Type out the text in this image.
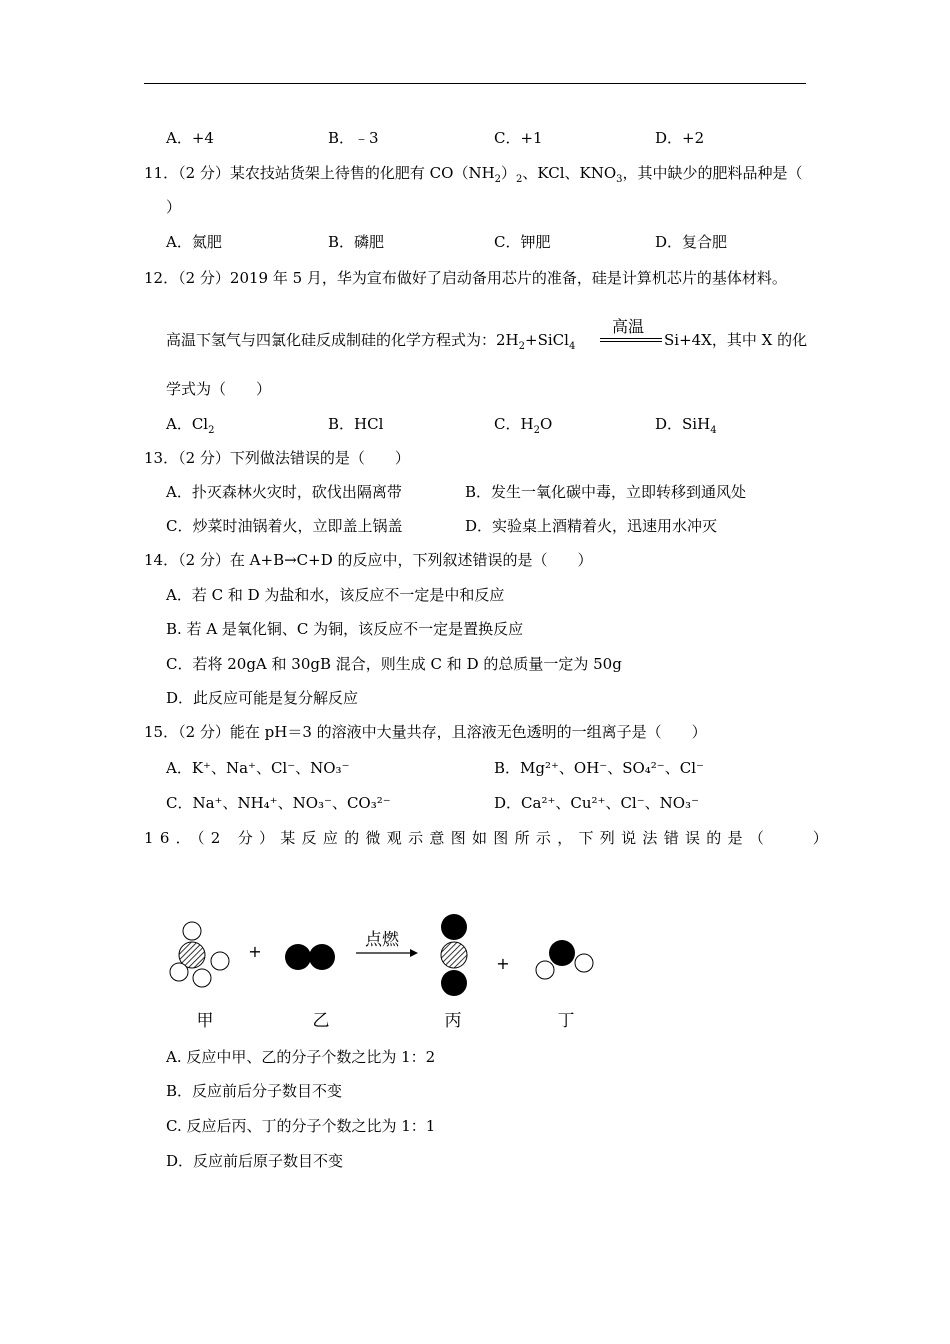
A．+4	B．﹣3	C．+1	D．+2
11．（2 分）某农技站货架上待售的化肥有 $CO(NH_2)_2$、KCl、$KNO_3$，其中缺少的肥料品种是（
）
A．氮肥	B．磷肥	C．钾肥	D．复合肥
12．（2 分）2019 年 5 月，华为宣布做好了启动备用芯片的准备，硅是计算机芯片的基体材料。
高温下氢气与四氯化硅反成制硅的化学方程式为：$2H_2+SiCl_4$
高温
Si+4X，其中 X 的化
学式为（　　）
A．$Cl_2$	B．HCl	C．$H_2O$	D．SiH$_4$
13．（2 分）下列做法错误的是（　　）
A．扑灭森林火灾时，砍伐出隔离带	B．发生一氧化碳中毒，立即转移到通风处
C．炒菜时油锅着火，立即盖上锅盖	D．实验桌上酒精着火，迅速用水冲灭
14．（2 分）在 A+B→C+D 的反应中，下列叙述错误的是（　　）
A．若 C 和 D 为盐和水，该反应不一定是中和反应
B. 若 A 是氧化铜、C 为铜，该反应不一定是置换反应
C．若将 20gA 和 30gB 混合，则生成 C 和 D 的总质量一定为 50g
D．此反应可能是复分解反应
15．（2 分）能在 pH＝3 的溶液中大量共存，且溶液无色透明的一组离子是（　　）
A．K⁺、Na⁺、Cl⁻、NO₃⁻	B．Mg²⁺、OH⁻、SO₄²⁻、Cl⁻
C．Na⁺、NH₄⁺、NO₃⁻、CO₃²⁻	D．Ca²⁺、Cu²⁺、Cl⁻、NO₃⁻
16．（2 分）某反应的微观示意图如图所示，下列说法错误的是（　　）
+
点燃
+
甲	乙	丙	丁
A. 反应中甲、乙的分子个数之比为 1：2
B．反应前后分子数目不变
C. 反应后丙、丁的分子个数之比为 1：1
D．反应前后原子数目不变
